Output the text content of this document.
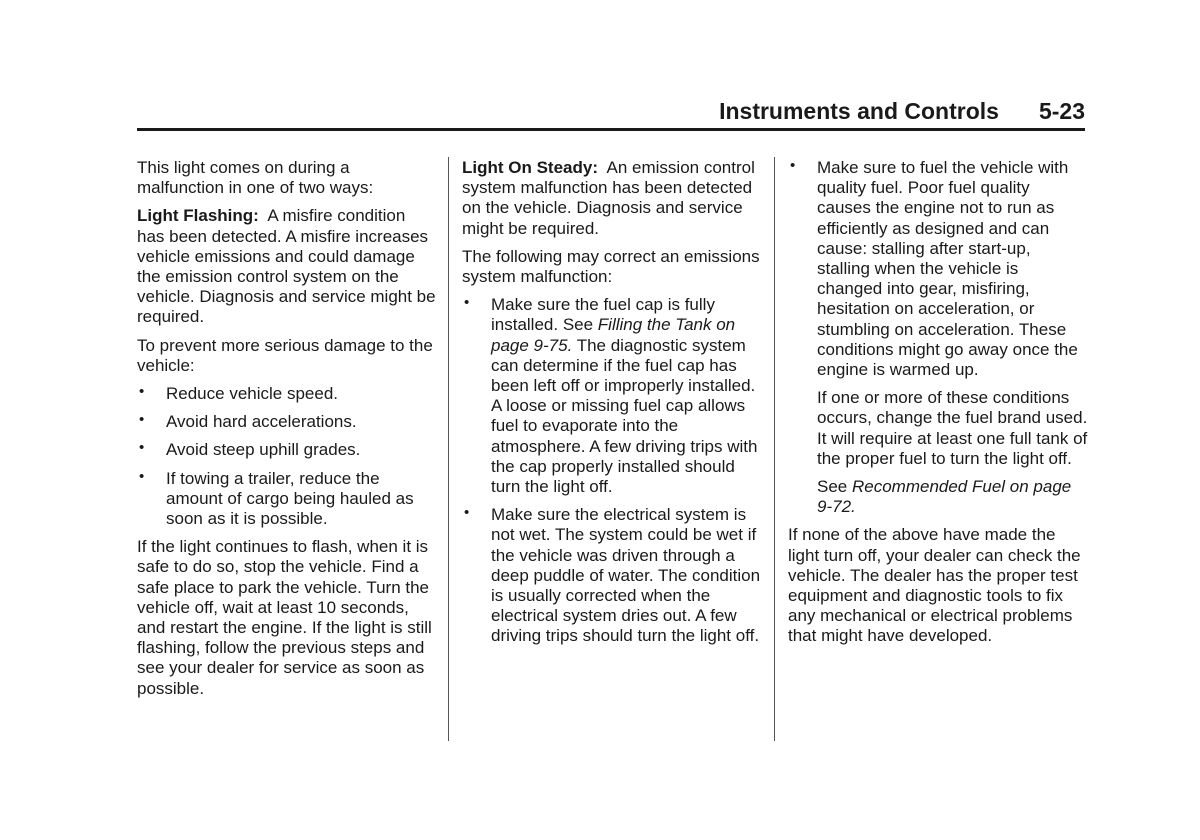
Instruments and Controls 5-23

This light comes on during a malfunction in one of two ways:

Light Flashing: A misfire condition has been detected. A misfire increases vehicle emissions and could damage the emission control system on the vehicle. Diagnosis and service might be required.

To prevent more serious damage to the vehicle:

• Reduce vehicle speed.
• Avoid hard accelerations.
• Avoid steep uphill grades.
• If towing a trailer, reduce the amount of cargo being hauled as soon as it is possible.

If the light continues to flash, when it is safe to do so, stop the vehicle. Find a safe place to park the vehicle. Turn the vehicle off, wait at least 10 seconds, and restart the engine. If the light is still flashing, follow the previous steps and see your dealer for service as soon as possible.

Light On Steady: An emission control system malfunction has been detected on the vehicle. Diagnosis and service might be required.

The following may correct an emissions system malfunction:

• Make sure the fuel cap is fully installed. See Filling the Tank on page 9-75. The diagnostic system can determine if the fuel cap has been left off or improperly installed. A loose or missing fuel cap allows fuel to evaporate into the atmosphere. A few driving trips with the cap properly installed should turn the light off.
• Make sure the electrical system is not wet. The system could be wet if the vehicle was driven through a deep puddle of water. The condition is usually corrected when the electrical system dries out. A few driving trips should turn the light off.
• Make sure to fuel the vehicle with quality fuel. Poor fuel quality causes the engine not to run as efficiently as designed and can cause: stalling after start-up, stalling when the vehicle is changed into gear, misfiring, hesitation on acceleration, or stumbling on acceleration. These conditions might go away once the engine is warmed up.

If one or more of these conditions occurs, change the fuel brand used. It will require at least one full tank of the proper fuel to turn the light off.

See Recommended Fuel on page 9-72.

If none of the above have made the light turn off, your dealer can check the vehicle. The dealer has the proper test equipment and diagnostic tools to fix any mechanical or electrical problems that might have developed.
